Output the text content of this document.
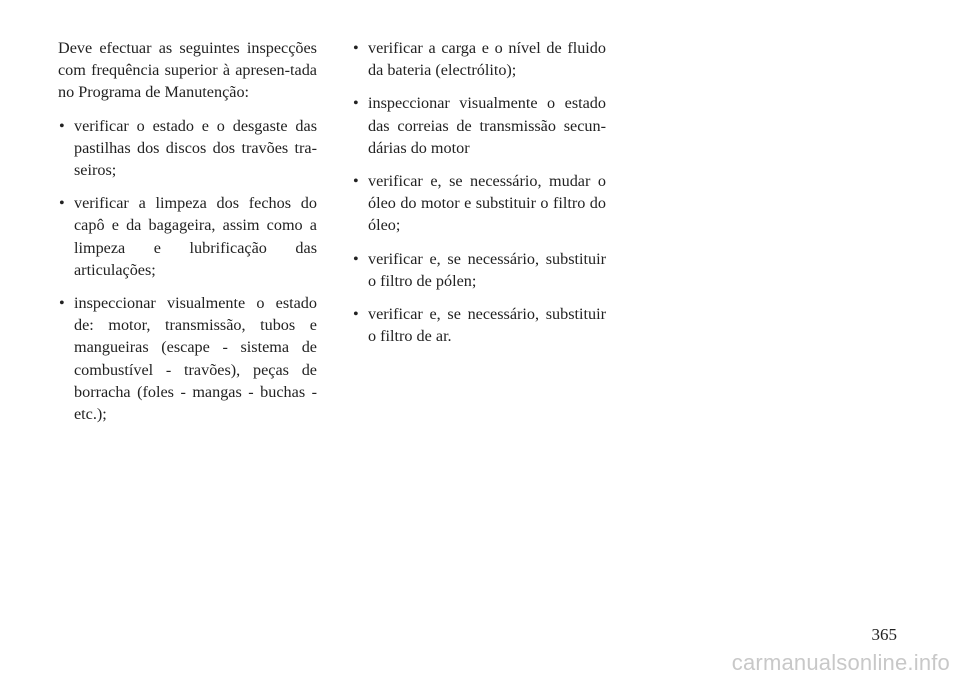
Deve efectuar as seguintes inspecções com frequência superior à apresen-tada no Programa de Manutenção:

• verificar o estado e o desgaste das pastilhas dos discos dos travões tra-seiros;
• verificar a limpeza dos fechos do capô e da bagageira, assim como a limpeza e lubrificação das articulações;
• inspeccionar visualmente o estado de: motor, transmissão, tubos e mangueiras (escape - sistema de combustível - travões), peças de borracha (foles - mangas - buchas - etc.);
• verificar a carga e o nível de fluido da bateria (electrólito);
• inspeccionar visualmente o estado das correias de transmissão secun-dárias do motor
• verificar e, se necessário, mudar o óleo do motor e substituir o filtro do óleo;
• verificar e, se necessário, substituir o filtro de pólen;
• verificar e, se necessário, substituir o filtro de ar.
365
carmanualsonline.info
